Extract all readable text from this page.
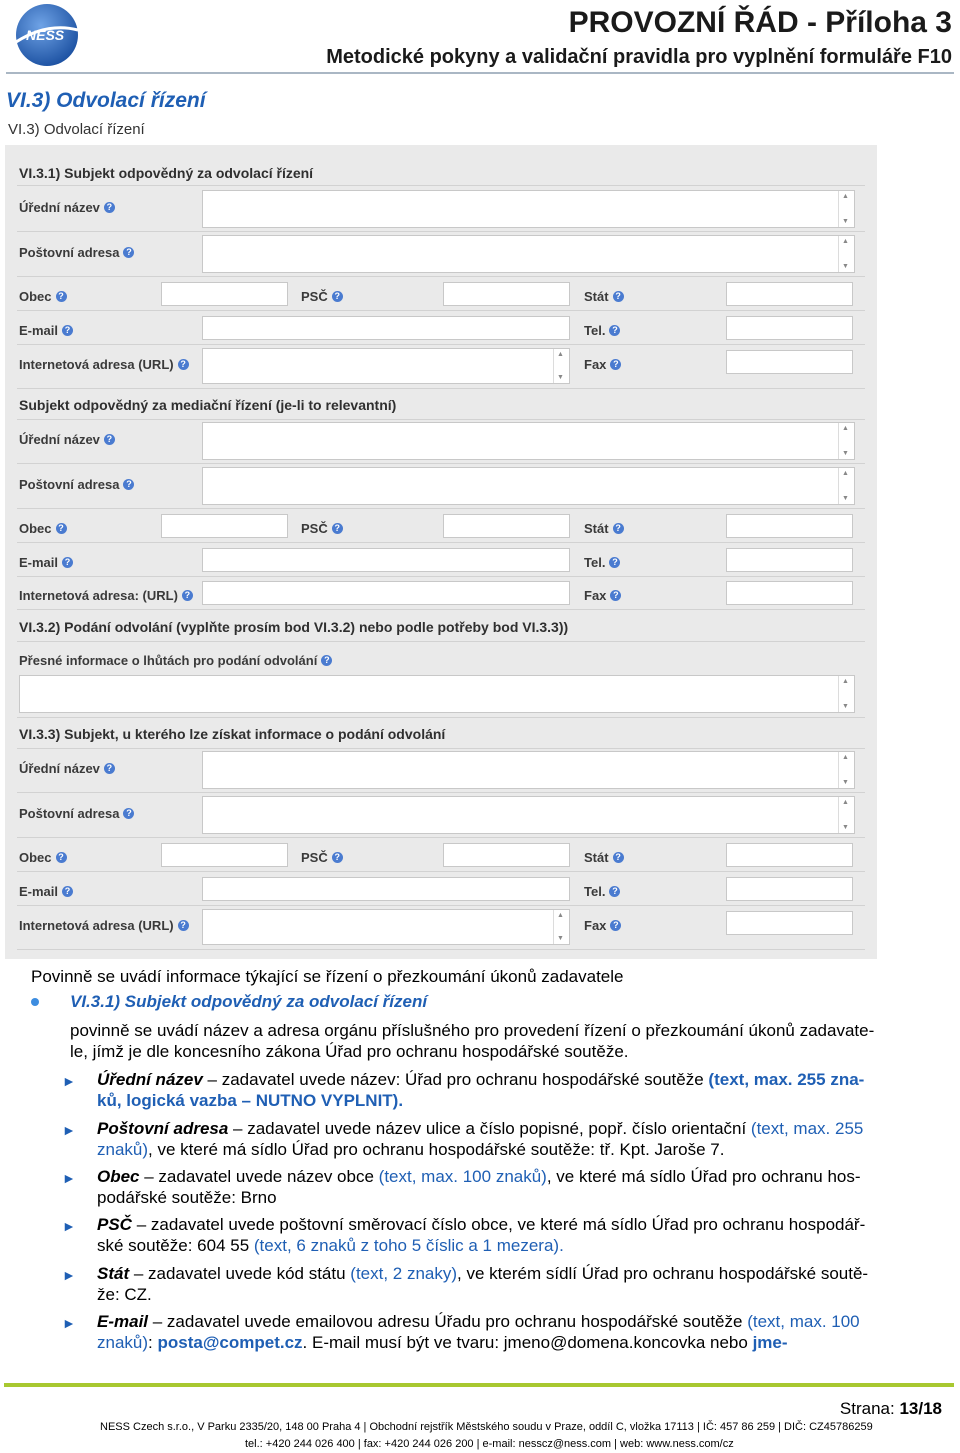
NESS	PROVOZNÍ ŘÁD - Příloha 3
Metodické pokyny a validační pravidla pro vyplnění formuláře F10
VI.3) Odvolací řízení
VI.3) Odvolací řízení
VI.3.1) Subjekt odpovědný za odvolací řízení
Úřední název ?
▲ ▼
Poštovní adresa ?
▲ ▼
Obec ?	PSČ ?	Stát ?
E-mail ?	Tel. ?
Internetová adresa (URL) ? ▲ ▼	Fax ?
Subjekt odpovědný za mediační řízení (je-li to relevantní)
Úřední název ?
▲ ▼
Poštovní adresa ?
▲ ▼
Obec ?	PSČ ?	Stát ?
E-mail ?	Tel. ?
Internetová adresa: (URL) ?	Fax ?
VI.3.2) Podání odvolání (vyplňte prosím bod VI.3.2) nebo podle potřeby bod VI.3.3))
Přesné informace o lhůtách pro podání odvolání ?
▲ ▼
VI.3.3) Subjekt, u kterého lze získat informace o podání odvolání
Úřední název ?
▲ ▼
Poštovní adresa ?
▲ ▼
Obec ?	PSČ ?	Stát ?
E-mail ?	Tel. ?
Internetová adresa (URL) ? ▲ ▼	Fax ?
Povinně se uvádí informace týkající se řízení o přezkoumání úkonů zadavatele
VI.3.1) Subjekt odpovědný za odvolací řízení
povinně se uvádí název a adresa orgánu příslušného pro provedení řízení o přezkoumání úkonů zadavate-
le, jímž je dle koncesního zákona Úřad pro ochranu hospodářské soutěže.
► Úřední název – zadavatel uvede název: Úřad pro ochranu hospodářské soutěže (text, max. 255 zna-
ků, logická vazba – NUTNO VYPLNIT).
► Poštovní adresa – zadavatel uvede název ulice a číslo popisné, popř. číslo orientační (text, max. 255
znaků), ve které má sídlo Úřad pro ochranu hospodářské soutěže: tř. Kpt. Jaroše 7.
► Obec – zadavatel uvede název obce (text, max. 100 znaků), ve které má sídlo Úřad pro ochranu hos-
podářské soutěže: Brno
► PSČ – zadavatel uvede poštovní směrovací číslo obce, ve které má sídlo Úřad pro ochranu hospodář-
ské soutěže: 604 55 (text, 6 znaků z toho 5 číslic a 1 mezera).
► Stát – zadavatel uvede kód státu (text, 2 znaky), ve kterém sídlí Úřad pro ochranu hospodářské soutě-
že: CZ.
► E-mail – zadavatel uvede emailovou adresu Úřadu pro ochranu hospodářské soutěže (text, max. 100
znaků): posta@compet.cz. E-mail musí být ve tvaru: jmeno@domena.koncovka nebo jme-
Strana: 13/18
NESS Czech s.r.o., V Parku 2335/20, 148 00 Praha 4 | Obchodní rejstřík Městského soudu v Praze, oddíl C, vložka 17113 | IČ: 457 86 259 | DIČ: CZ45786259
tel.: +420 244 026 400 | fax: +420 244 026 200 | e-mail: nesscz@ness.com | web: www.ness.com/cz
